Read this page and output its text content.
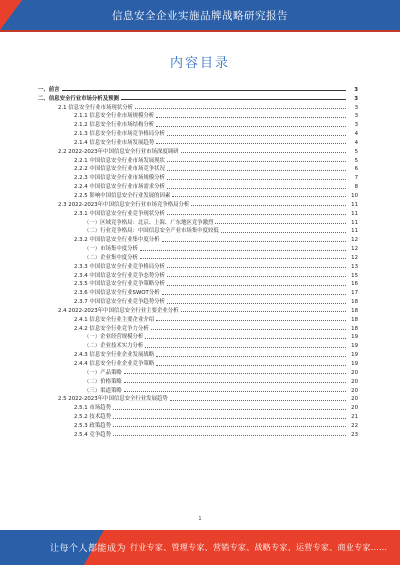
信息安全企业实施品牌战略研究报告
内容目录
一、前言	3
二、信息安全行业市场分析及预测	3
2.1 信息安全行业市场现状分析	3
2.1.1 信息安全行业市场规模分析	3
2.1.2 信息安全行业市场结构分析	3
2.1.3 信息安全行业市场竞争格局分析	4
2.1.4 信息安全行业市场发展趋势	4
2.2 2022-2023年中国信息安全行业市场深度调研	5
2.2.1 中国信息安全行业市场发展现状	5
2.2.2 中国信息安全行业市场竞争状况	6
2.2.3 中国信息安全行业市场规模分析	7
2.2.4 中国信息安全行业市场需求分析	8
2.2.5 影响中国信息安全行业发展的因素	10
2.3 2022-2023年中国信息安全行业市场竞争格局分析	11
2.3.1 中国信息安全行业竞争现状分析	11
（一）区域竞争格局：北京、上海、广东地区竞争激烈	11
（二）行业竞争格局：中国信息安全产业市场集中度较低	11
2.3.2 中国信息安全行业集中度分析	12
（一）市场集中度分析	12
（二）企业集中度分析	12
2.3.3 中国信息安全行业竞争格局分析	13
2.3.4 中国信息安全行业竞争态势分析	15
2.3.5 中国信息安全行业竞争策略分析	16
2.3.6 中国信息安全行业SWOT分析	17
2.3.7 中国信息安全行业竞争趋势分析	18
2.4 2022-2023年中国信息安全行业主要企业分析	18
2.4.1 信息安全行业主要企业介绍	18
2.4.2 信息安全行业竞争力分析	18
（一）企业经营规模分析	19
（二）企业技术实力分析	19
2.4.3 信息安全行业企业发展战略	19
2.4.4 信息安全行业企业竞争策略	19
（一）产品策略	20
（二）价格策略	20
（三）渠道策略	20
2.5 2022-2023年中国信息安全行业发展趋势	20
2.5.1 市场趋势	20
2.5.2 技术趋势	21
2.5.3 政策趋势	22
2.5.4 竞争趋势	23
1
让每个人都能成为 行业专家、管理专家、营销专家、战略专家、运营专家、商业专家……
